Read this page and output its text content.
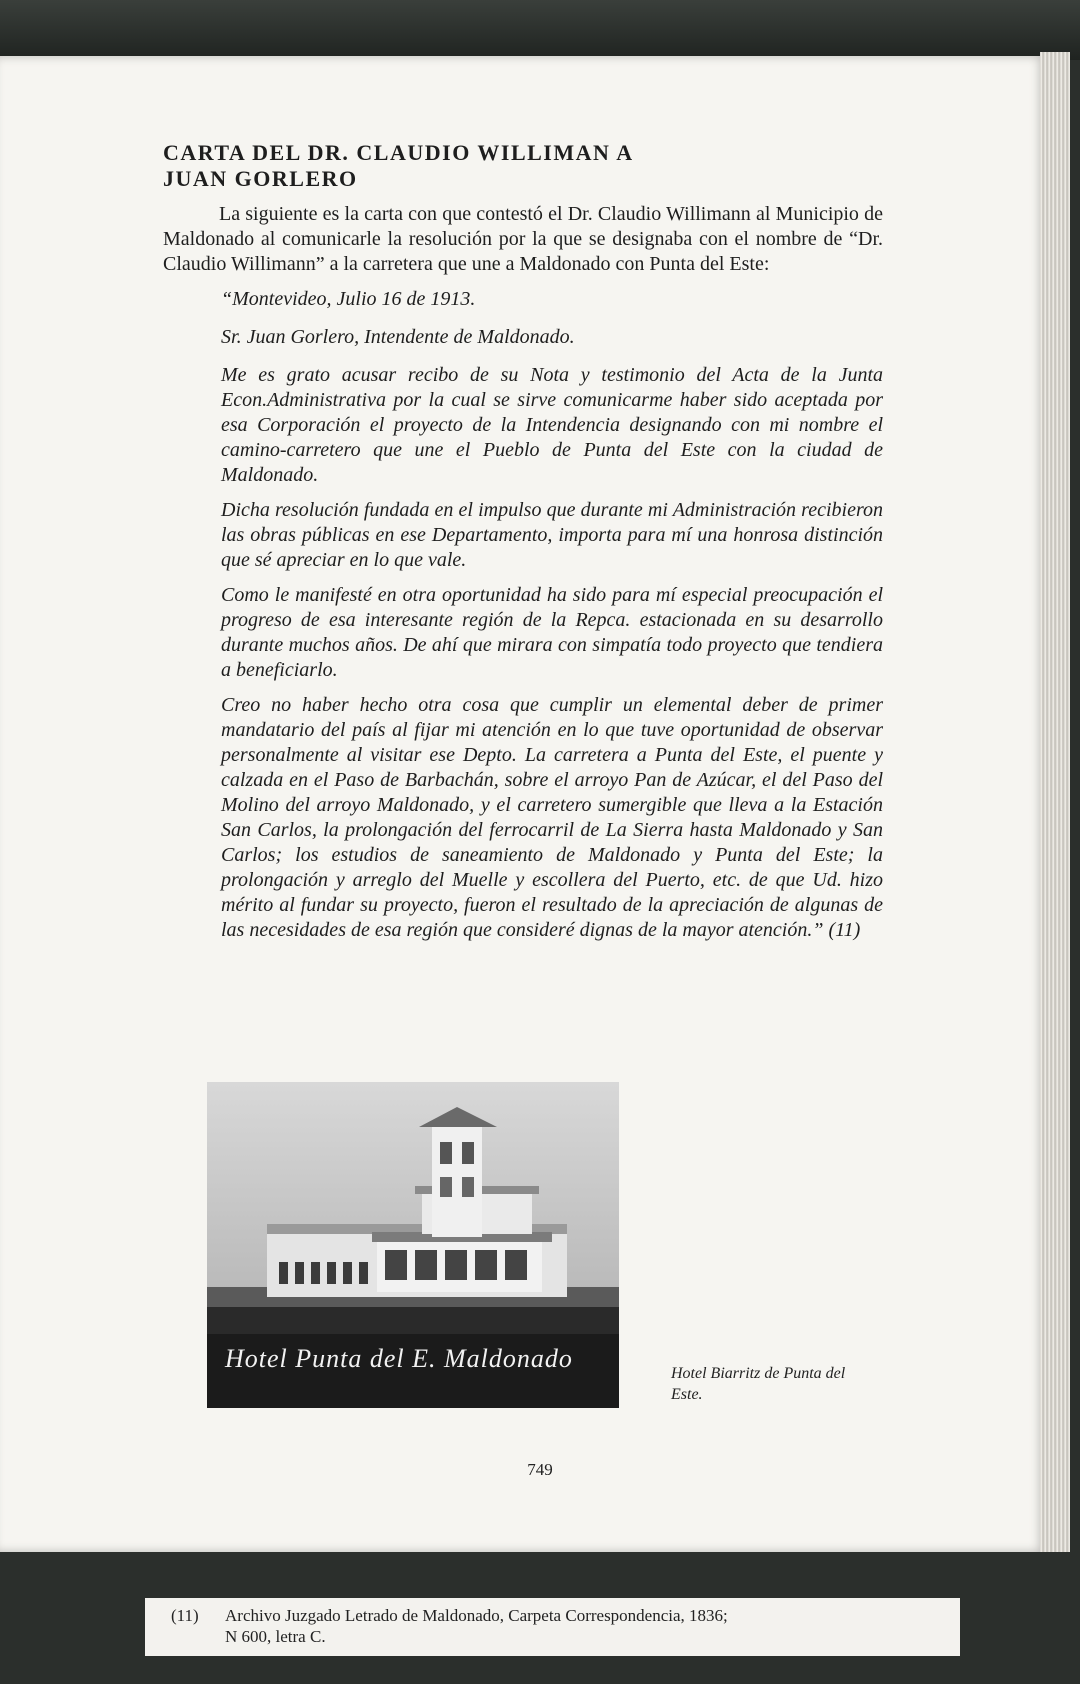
CARTA DEL DR. CLAUDIO WILLIMAN A JUAN GORLERO

La siguiente es la carta con que contestó el Dr. Claudio Willimann al Municipio de Maldonado al comunicarle la resolución por la que se designaba con el nombre de “Dr. Claudio Willimann” a la carretera que une a Maldonado con Punta del Este:

“Montevideo, Julio 16 de 1913.

Sr. Juan Gorlero, Intendente de Maldonado.

Me es grato acusar recibo de su Nota y testimonio del Acta de la Junta Econ.Administrativa por la cual se sirve comunicarme haber sido aceptada por esa Corporación el proyecto de la Intendencia designando con mi nombre el camino-carretero que une el Pueblo de Punta del Este con la ciudad de Maldonado.

Dicha resolución fundada en el impulso que durante mi Administración recibieron las obras públicas en ese Departamento, importa para mí una honrosa distinción que sé apreciar en lo que vale.

Como le manifesté en otra oportunidad ha sido para mí especial preocupación el progreso de esa interesante región de la Repca. estacionada en su desarrollo durante muchos años. De ahí que mirara con simpatía todo proyecto que tendiera a beneficiarlo.

Creo no haber hecho otra cosa que cumplir un elemental deber de primer mandatario del país al fijar mi atención en lo que tuve oportunidad de observar personalmente al visitar ese Depto. La carretera a Punta del Este, el puente y calzada en el Paso de Barbachán, sobre el arroyo Pan de Azúcar, el del Paso del Molino del arroyo Maldonado, y el carretero sumergible que lleva a la Estación San Carlos, la prolongación del ferrocarril de La Sierra hasta Maldonado y San Carlos; los estudios de saneamiento de Maldonado y Punta del Este; la prolongación y arreglo del Muelle y escollera del Puerto, etc. de que Ud. hizo mérito al fundar su proyecto, fueron el resultado de la apreciación de algunas de las necesidades de esa región que consideré dignas de la mayor atención.” (11)

Hotel Punta del E. Maldonado
Hotel Biarritz de Punta del Este.
749
(11) Archivo Juzgado Letrado de Maldonado, Carpeta Correspondencia, 1836;
N 600, letra C.
